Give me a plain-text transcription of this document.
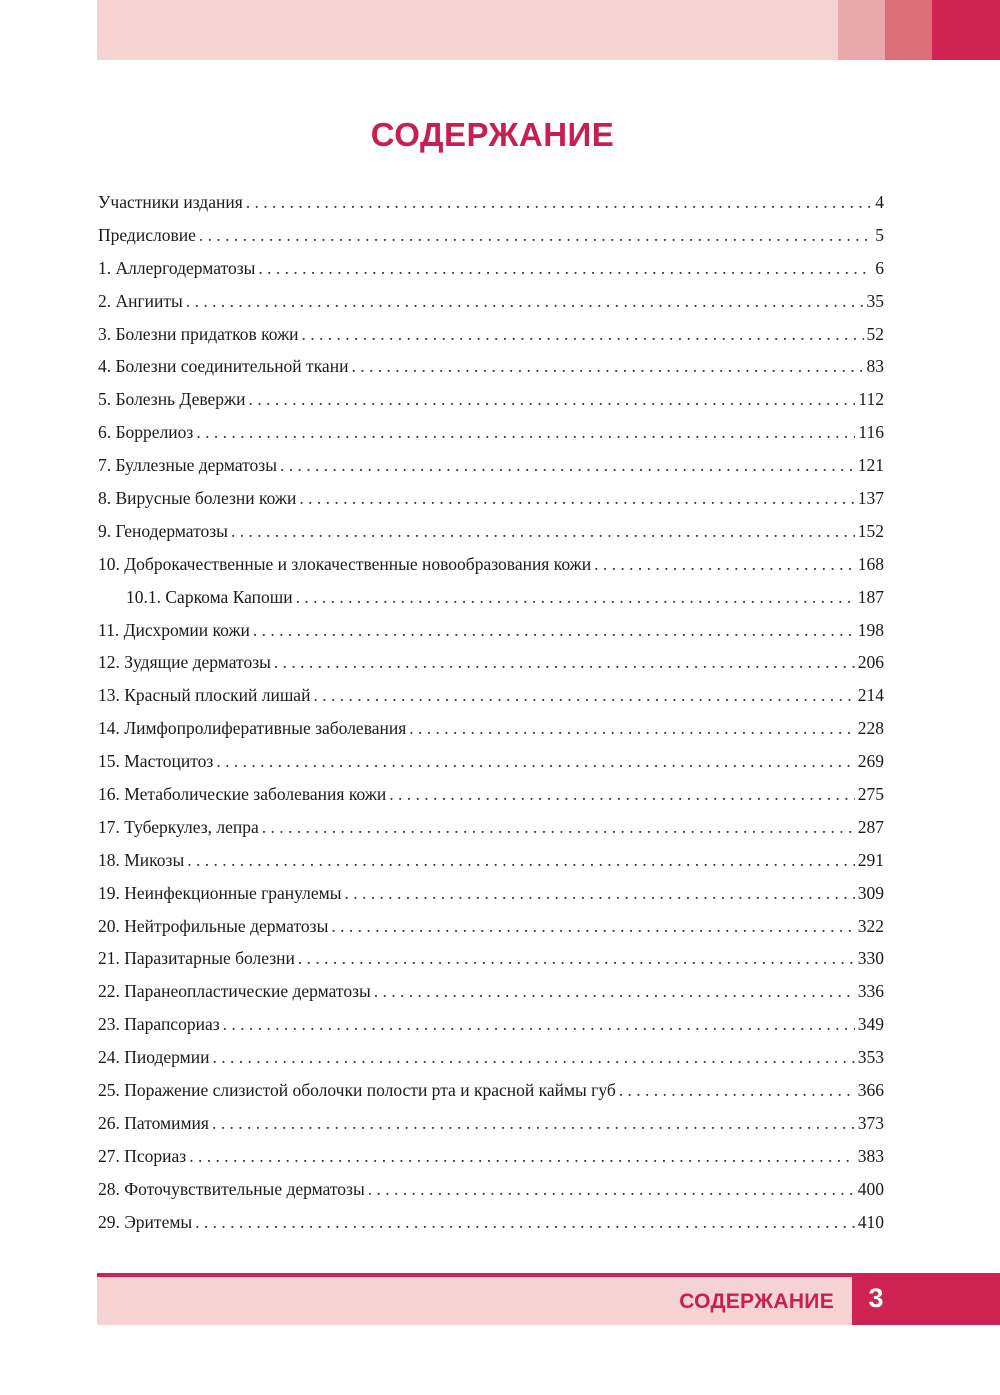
СОДЕРЖАНИЕ
Участники издания . . .	4
Предисловие . . .	5
1. Аллергодерматозы . . .	6
2. Ангииты . . .	35
3. Болезни придатков кожи . . .	52
4. Болезни соединительной ткани . . .	83
5. Болезнь Девержи . . .	112
6. Боррелиоз . . .	116
7. Буллезные дерматозы . . .	121
8. Вирусные болезни кожи . . .	137
9. Генодерматозы . . .	152
10. Доброкачественные и злокачественные новообразования кожи . . .	168
10.1. Саркома Капоши . . .	187
11. Дисхромии кожи . . .	198
12. Зудящие дерматозы . . .	206
13. Красный плоский лишай . . .	214
14. Лимфопролиферативные заболевания . . .	228
15. Мастоцитоз . . .	269
16. Метаболические заболевания кожи . . .	275
17. Туберкулез, лепра . . .	287
18. Микозы . . .	291
19. Неинфекционные гранулемы . . .	309
20. Нейтрофильные дерматозы . . .	322
21. Паразитарные болезни . . .	330
22. Паранеопластические дерматозы . . .	336
23. Парапсориаз . . .	349
24. Пиодермии . . .	353
25. Поражение слизистой оболочки полости рта и красной каймы губ . . .	366
26. Патомимия . . .	373
27. Псориаз . . .	383
28. Фоточувствительные дерматозы . . .	400
29. Эритемы . . .	410
СОДЕРЖАНИЕ	3
